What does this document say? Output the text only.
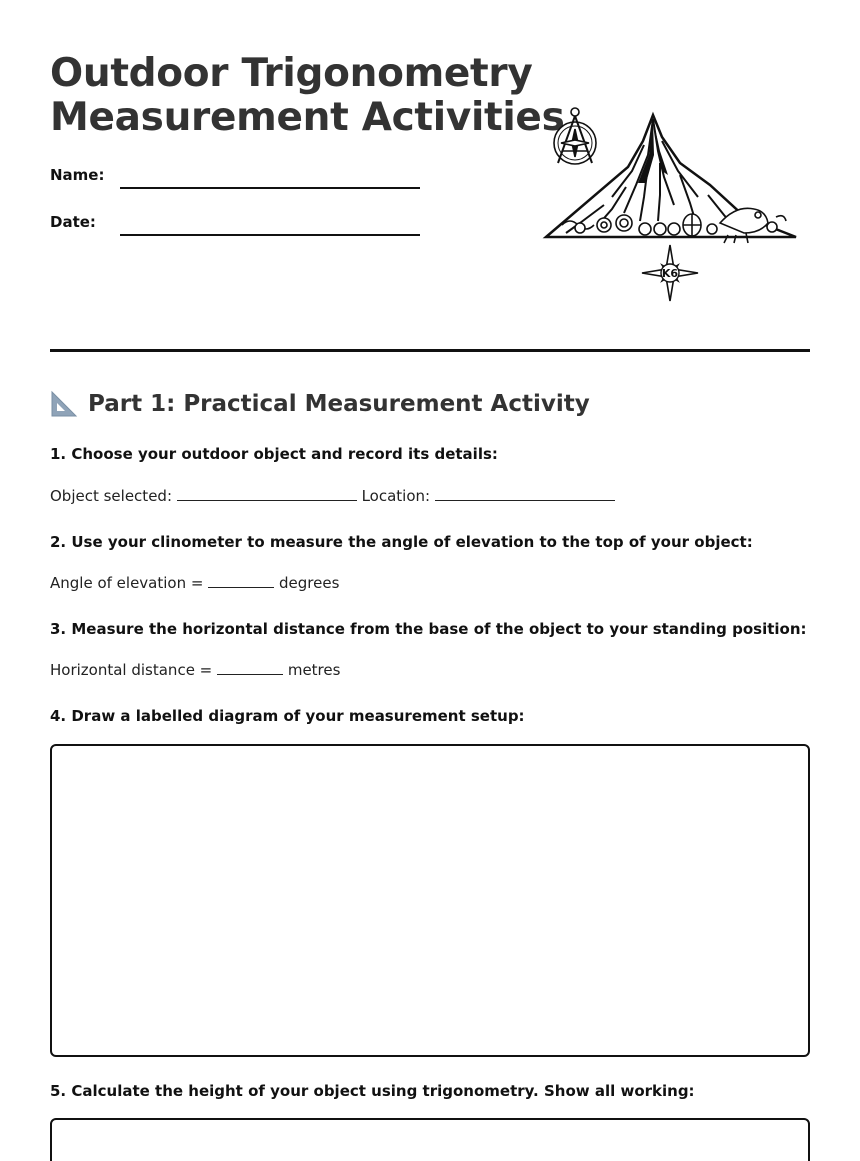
Outdoor Trigonometry
Measurement Activities
Name:
Date:
K6
Part 1: Practical Measurement Activity
1. Choose your outdoor object and record its details:
Object selected:	Location:
2. Use your clinometer to measure the angle of elevation to the top of your object:
Angle of elevation =	degrees
3. Measure the horizontal distance from the base of the object to your standing position:
Horizontal distance =	metres
4. Draw a labelled diagram of your measurement setup:
5. Calculate the height of your object using trigonometry. Show all working:
